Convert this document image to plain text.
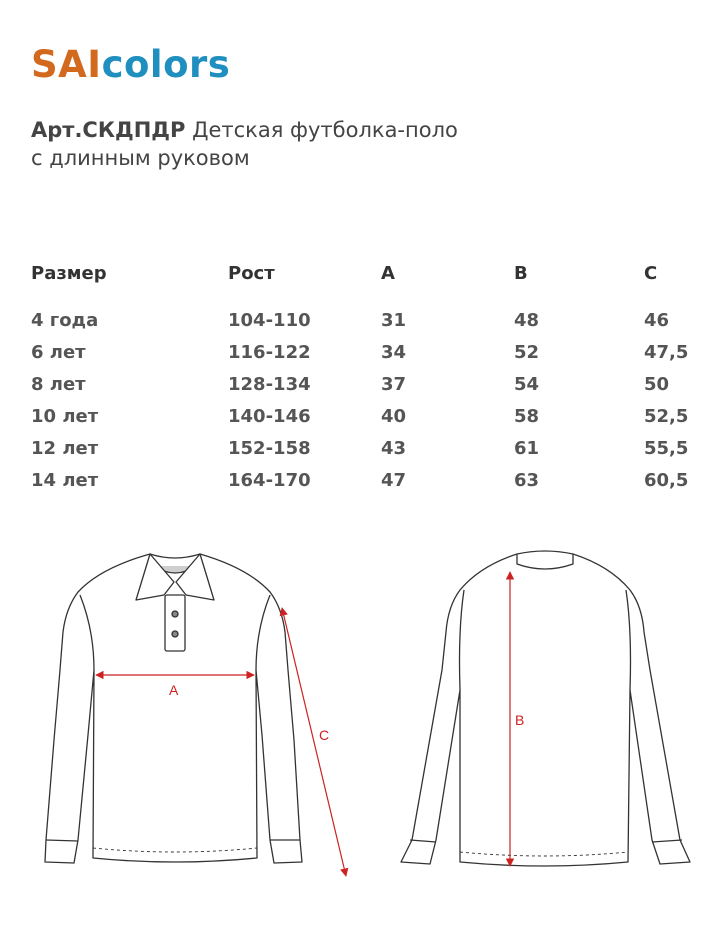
SAIcolors
Арт.СКДПДР Детская футболка-поло
с длинным руковом
Размер	Рост	A	B	C
4 года	104-110	31	48	46
6 лет	116-122	34	52	47,5
8 лет	128-134	37	54	50
10 лет	140-146	40	58	52,5
12 лет	152-158	43	61	55,5
14 лет	164-170	47	63	60,5
A
C
B
